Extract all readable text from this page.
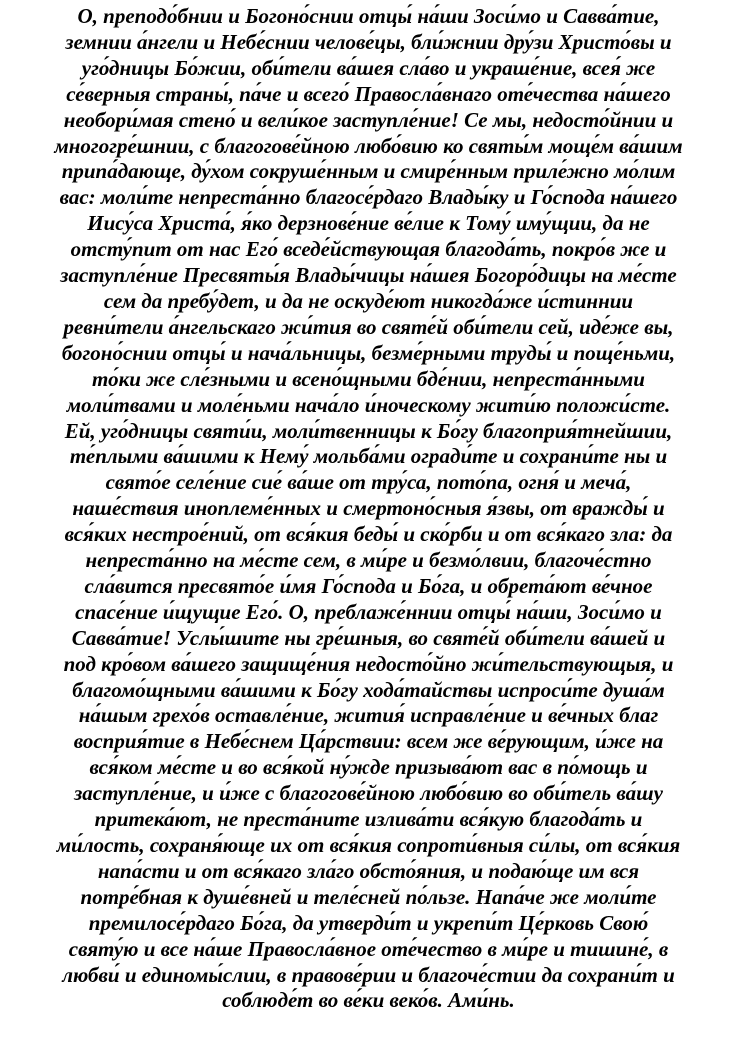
О, преподо́бнии и Богоно́снии отцы́ на́ши Зоси́мо и Савва́тие,
земнии а́нгели и Небе́снии челове́цы, бли́жнии дру́зи Христо́вы и
уго́дницы Бо́жии, оби́тели ва́шея сла́во и украше́ние, всея́ же
се́верныя страны́, па́че и всего́ Правосла́внаго оте́чества на́шего
необори́мая стено́ и вели́кое заступле́ние! Се мы, недосто́йнии и
многогре́шнии, с благогове́йною любо́вию ко святы́м моще́м ва́шим
припа́дающе, ду́хом сокруше́нным и смире́нным приле́жно мо́лим
вас: моли́те непреста́нно благосе́рдаго Влады́ку и Го́спода на́шего
Иису́са Христа́, я́ко дерзнове́ние ве́лие к Тому́ иму́щии, да не
отсту́пит от нас Его́ вседе́йствующая благода́ть, покро́в же и
заступле́ние Пресвяты́я Влады́чицы на́шея Богоро́дицы на ме́сте
сем да пребу́дет, и да не оскуде́ют никогда́же и́стиннии
ревни́тели а́нгельскаго жи́тия во святе́й оби́тели сей, иде́же вы,
богоно́снии отцы́ и нача́льницы, безме́рными труды́ и поще́ньми,
то́ки же сле́зными и всено́щными бде́нии, непреста́нными
моли́твами и моле́ньми нача́ло и́ноческому жити́ю положи́сте.
Ей, уго́дницы святи́и, моли́твенницы к Бо́гу благоприя́тнейшии,
те́плыми ва́шими к Нему́ мольба́ми огради́те и сохрани́те ны и
свято́е селе́ние сие́ ва́ше от тру́са, пото́па, огня́ и меча́,
наше́ствия иноплеме́нных и смертоно́сныя я́звы, от вражды́ и
вся́ких нестрое́ний, от вся́кия беды́ и ско́рби и от вся́каго зла: да
непреста́нно на ме́сте сем, в ми́ре и безмо́лвии, благоче́стно
сла́вится пресвято́е и́мя Го́спода и Бо́га, и обрета́ют ве́чное
спасе́ние и́щущие Его́. О, преблаже́ннии отцы́ на́ши, Зоси́мо и
Савва́тие! Услы́шите ны гре́шныя, во святе́й оби́тели ва́шей и
под кро́вом ва́шего защище́ния недосто́йно жи́тельствующыя, и
благомо́щными ва́шими к Бо́гу хода́тайствы испроси́те душа́м
на́шым грехо́в оставле́ние, жития́ исправле́ние и ве́чных благ
восприя́тие в Небе́снем Ца́рствии: всем же ве́рующим, и́же на
вся́ком ме́сте и во вся́кой ну́жде призыва́ют вас в по́мощь и
заступле́ние, и и́же с благогове́йною любо́вию во оби́тель ва́шу
притека́ют, не преста́ните излива́ти вся́кую благода́ть и
ми́лость, сохраня́юще их от вся́кия сопроти́вныя си́лы, от вся́кия
напа́сти и от вся́каго зла́го обсто́яния, и подаю́ще им вся
потре́бная к душе́вней и теле́сней по́льзе. Напа́че же моли́те
премилосе́рдаго Бо́га, да утверди́т и укрепи́т Це́рковь Свою́
святу́ю и все на́ше Правосла́вное оте́чество в ми́ре и тишине́, в
любви́ и единомы́слии, в правове́рии и благоче́стии да сохрани́т и
соблюде́т во ве́ки веко́в. Ами́нь.
